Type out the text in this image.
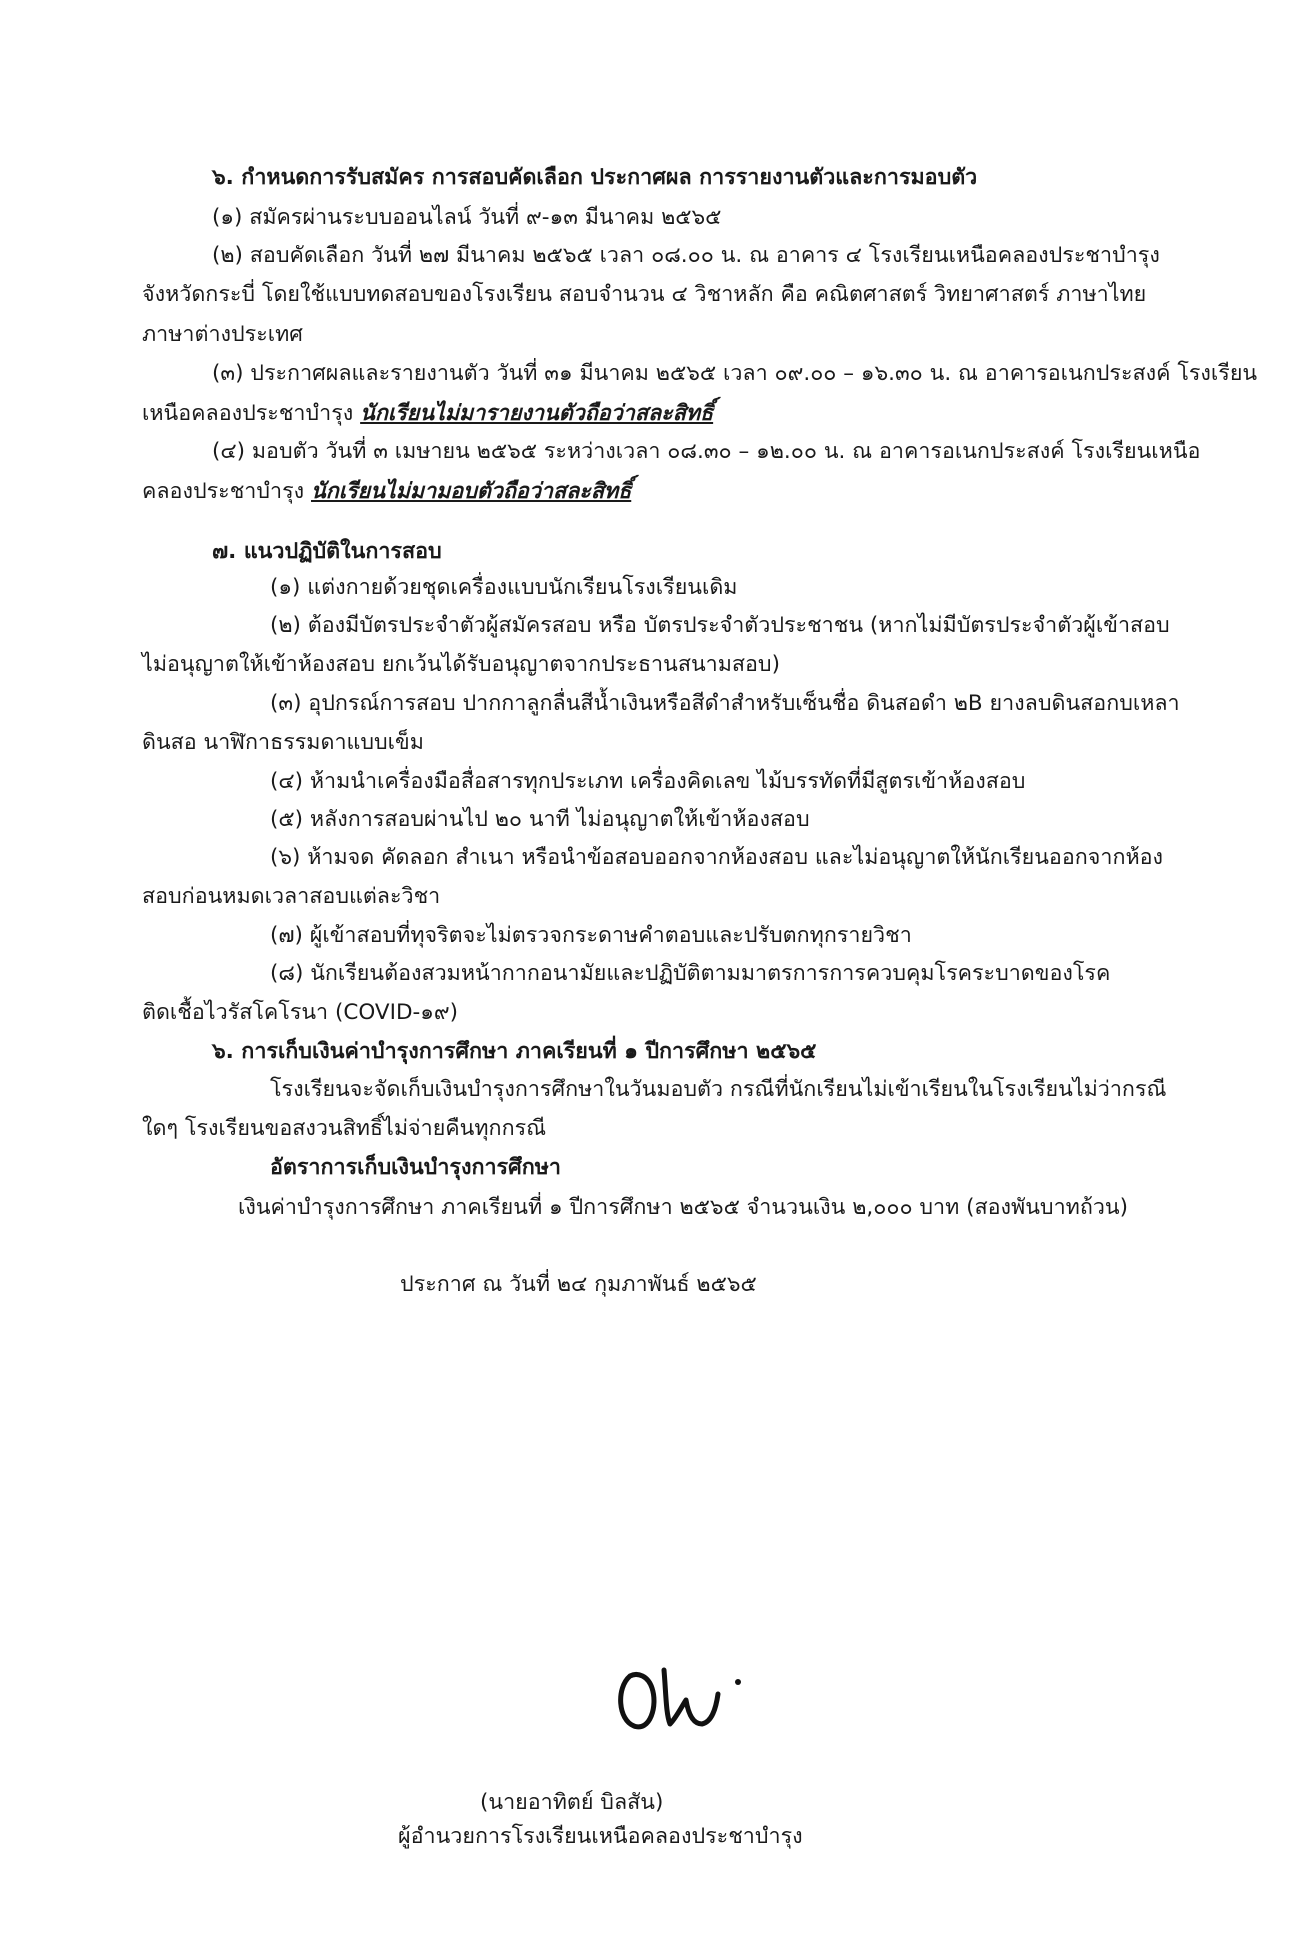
๖. กำหนดการรับสมัคร การสอบคัดเลือก ประกาศผล การรายงานตัวและการมอบตัว
(๑) สมัครผ่านระบบออนไลน์ วันที่ ๙-๑๓ มีนาคม ๒๕๖๕
(๒) สอบคัดเลือก วันที่ ๒๗ มีนาคม ๒๕๖๕ เวลา ๐๘.๐๐ น. ณ อาคาร ๔ โรงเรียนเหนือคลองประชาบำรุง
จังหวัดกระบี่ โดยใช้แบบทดสอบของโรงเรียน สอบจำนวน ๔ วิชาหลัก คือ คณิตศาสตร์ วิทยาศาสตร์ ภาษาไทย
ภาษาต่างประเทศ
(๓) ประกาศผลและรายงานตัว วันที่ ๓๑ มีนาคม ๒๕๖๕ เวลา ๐๙.๐๐ – ๑๖.๓๐ น. ณ อาคารอเนกประสงค์ โรงเรียน
เหนือคลองประชาบำรุง นักเรียนไม่มารายงานตัวถือว่าสละสิทธิ์
(๔) มอบตัว วันที่ ๓ เมษายน ๒๕๖๕ ระหว่างเวลา ๐๘.๓๐ – ๑๒.๐๐ น. ณ อาคารอเนกประสงค์ โรงเรียนเหนือ
คลองประชาบำรุง นักเรียนไม่มามอบตัวถือว่าสละสิทธิ์
๗. แนวปฏิบัติในการสอบ
(๑) แต่งกายด้วยชุดเครื่องแบบนักเรียนโรงเรียนเดิม
(๒) ต้องมีบัตรประจำตัวผู้สมัครสอบ หรือ บัตรประจำตัวประชาชน (หากไม่มีบัตรประจำตัวผู้เข้าสอบ
ไม่อนุญาตให้เข้าห้องสอบ ยกเว้นได้รับอนุญาตจากประธานสนามสอบ)
(๓) อุปกรณ์การสอบ ปากกาลูกลื่นสีน้ำเงินหรือสีดำสำหรับเซ็นชื่อ ดินสอดำ ๒B ยางลบดินสอกบเหลา
ดินสอ นาฬิกาธรรมดาแบบเข็ม
(๔) ห้ามนำเครื่องมือสื่อสารทุกประเภท เครื่องคิดเลข ไม้บรรทัดที่มีสูตรเข้าห้องสอบ
(๕) หลังการสอบผ่านไป ๒๐ นาที ไม่อนุญาตให้เข้าห้องสอบ
(๖) ห้ามจด คัดลอก สำเนา หรือนำข้อสอบออกจากห้องสอบ และไม่อนุญาตให้นักเรียนออกจากห้อง
สอบก่อนหมดเวลาสอบแต่ละวิชา
(๗) ผู้เข้าสอบที่ทุจริตจะไม่ตรวจกระดาษคำตอบและปรับตกทุกรายวิชา
(๘) นักเรียนต้องสวมหน้ากากอนามัยและปฏิบัติตามมาตรการการควบคุมโรคระบาดของโรค
ติดเชื้อไวรัสโคโรนา (COVID-๑๙)
๖. การเก็บเงินค่าบำรุงการศึกษา ภาคเรียนที่ ๑ ปีการศึกษา ๒๕๖๕
โรงเรียนจะจัดเก็บเงินบำรุงการศึกษาในวันมอบตัว กรณีที่นักเรียนไม่เข้าเรียนในโรงเรียนไม่ว่ากรณี
ใดๆ โรงเรียนขอสงวนสิทธิ์ไม่จ่ายคืนทุกกรณี
อัตราการเก็บเงินบำรุงการศึกษา
เงินค่าบำรุงการศึกษา ภาคเรียนที่ ๑ ปีการศึกษา ๒๕๖๕ จำนวนเงิน ๒,๐๐๐ บาท (สองพันบาทถ้วน)
ประกาศ ณ วันที่ ๒๔ กุมภาพันธ์ ๒๕๖๕
(นายอาทิตย์ บิลสัน)
ผู้อำนวยการโรงเรียนเหนือคลองประชาบำรุง
